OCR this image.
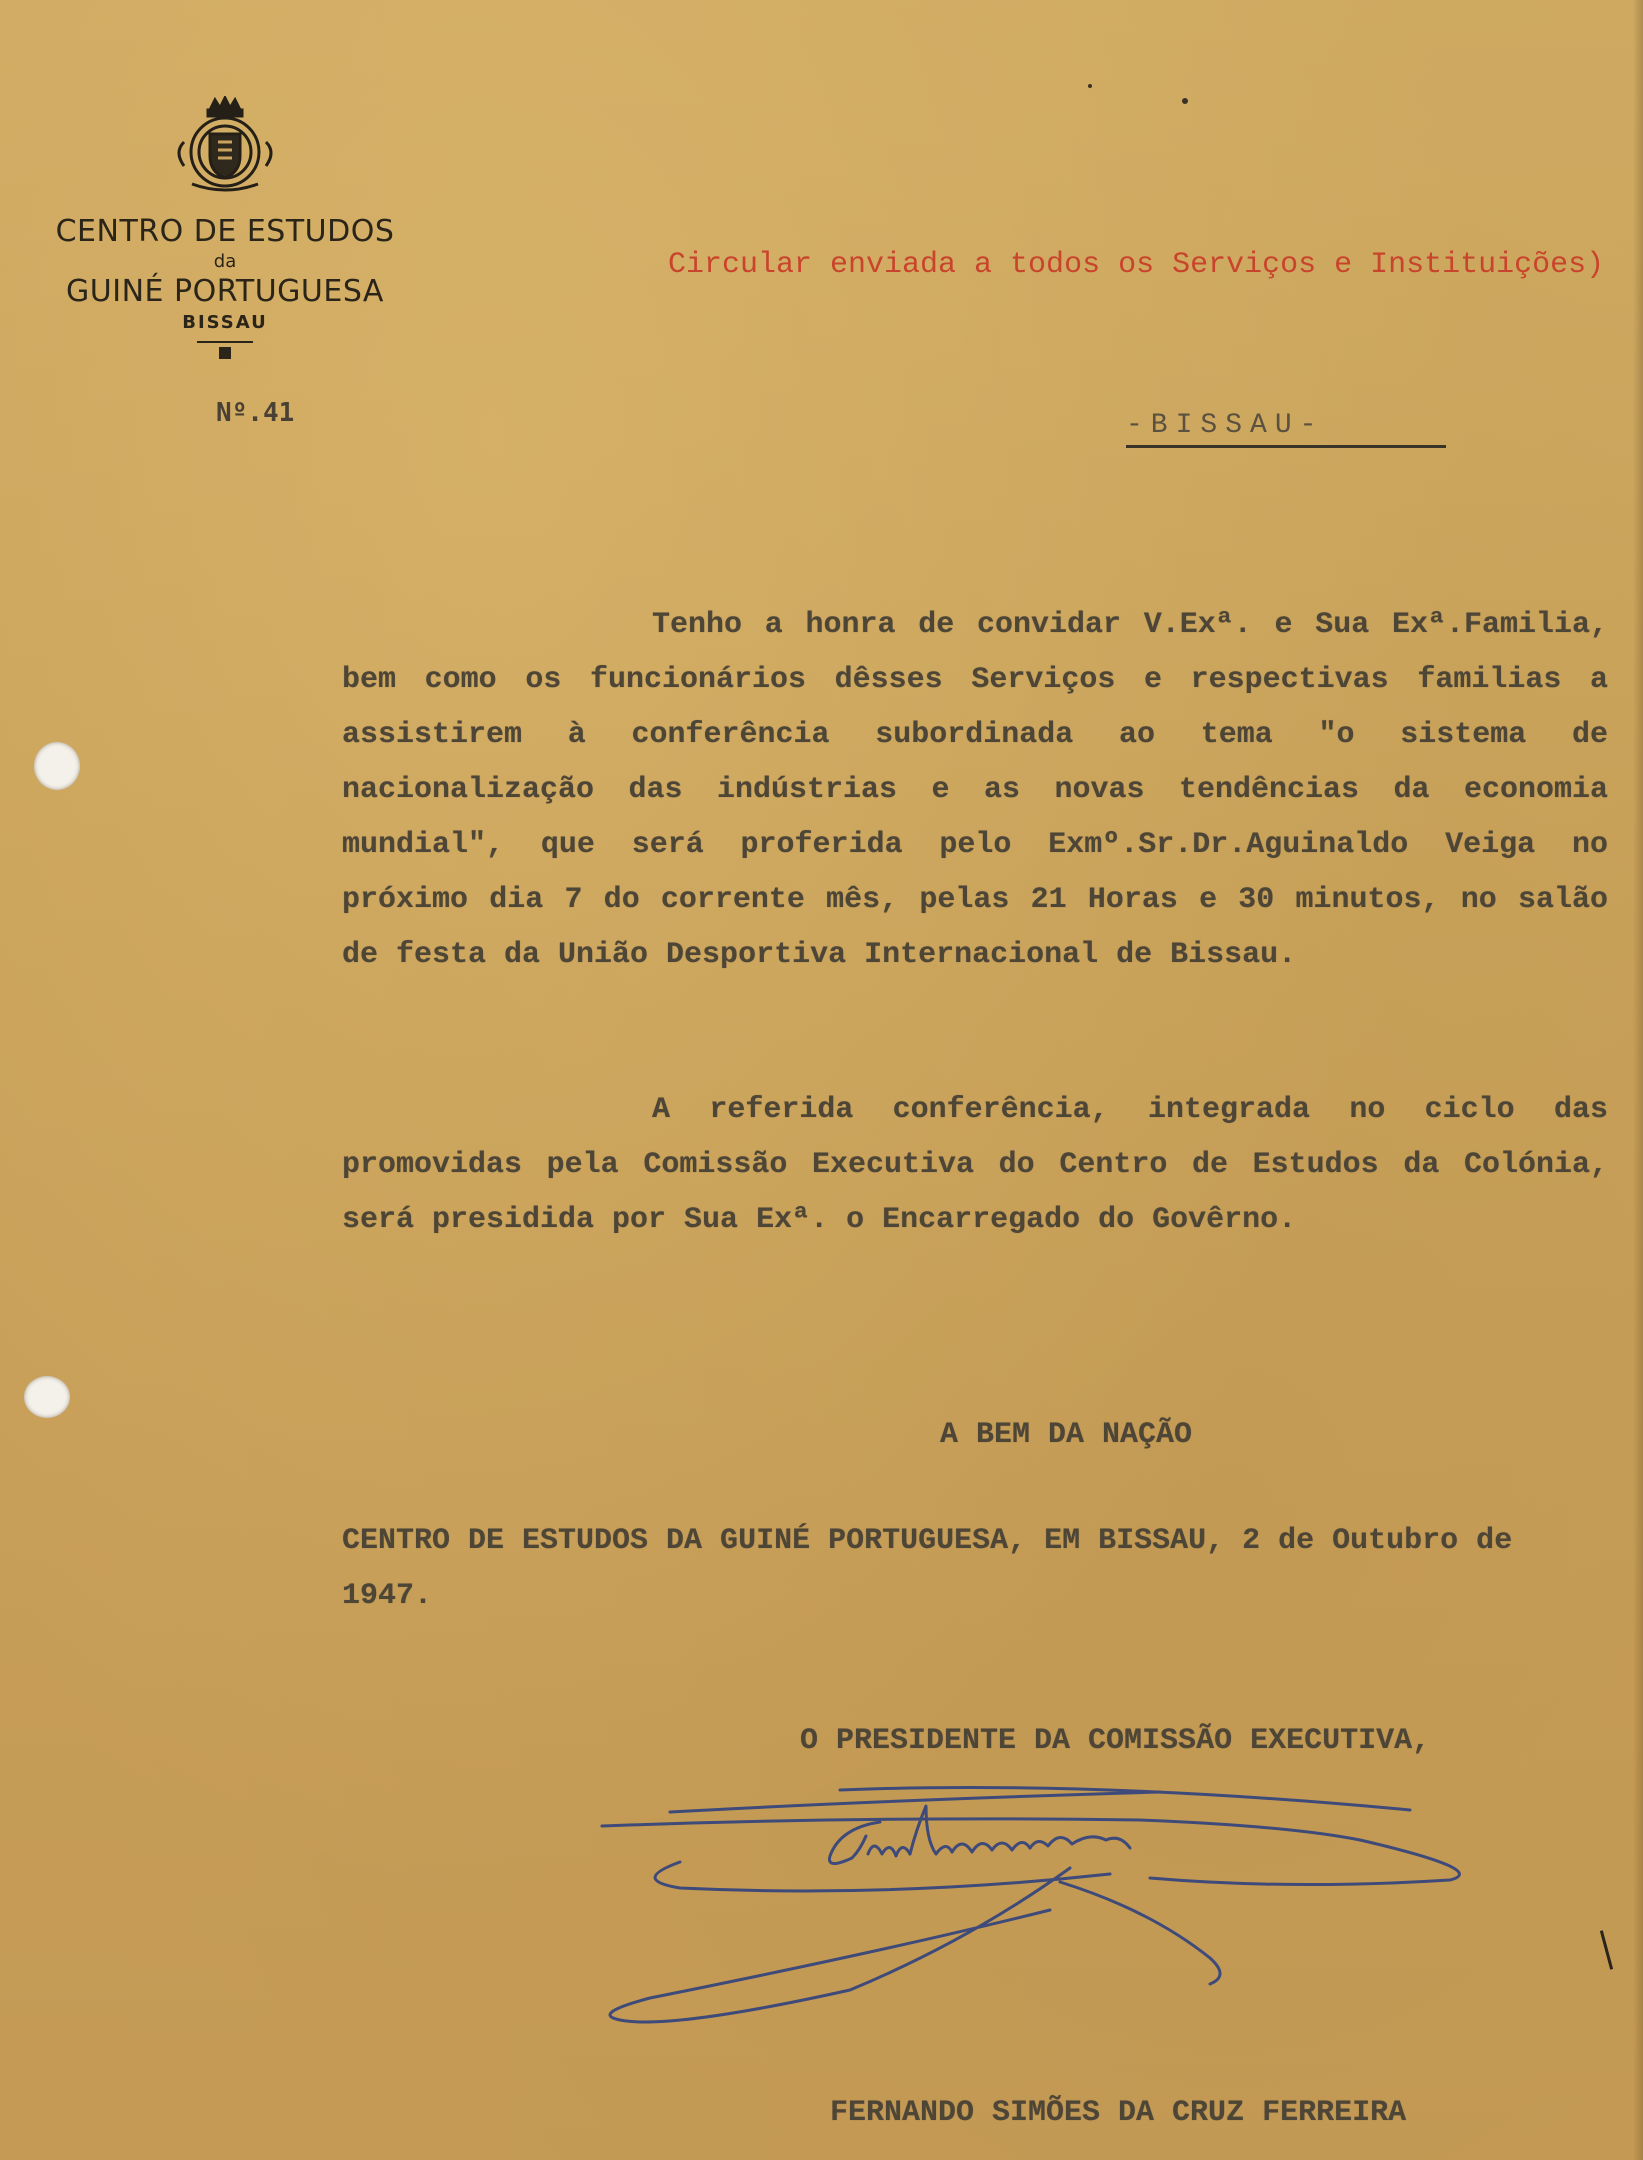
CENTRO DE ESTUDOS
da
GUINÉ PORTUGUESA
BISSAU
Nº.41
Circular enviada a todos os Serviços e Instituições)
-BISSAU-

Tenho a honra de convidar V.Exª. e Sua Exª.Familia, bem como os funcionários dêsses Serviços e respectivas familias a assistirem à conferência subordinada ao tema "o sistema de nacionalização das indústrias e as novas tendências da economia mundial", que será proferida pelo Exmº.Sr.Dr.Aguinaldo Veiga no próximo dia 7 do corrente mês, pelas 21 Horas e 30 minutos, no salão de festa da União Desportiva Internacional de Bissau.

A referida conferência, integrada no ciclo das promovidas pela Comissão Executiva do Centro de Estudos da Colónia, será presidida por Sua Exª. o Encarregado do Govêrno.

A BEM DA NAÇÃO

CENTRO DE ESTUDOS DA GUINÉ PORTUGUESA, EM BISSAU, 2 de Outubro de 1947.

O PRESIDENTE DA COMISSÃO EXECUTIVA,
FERNANDO SIMÕES DA CRUZ FERREIRA
